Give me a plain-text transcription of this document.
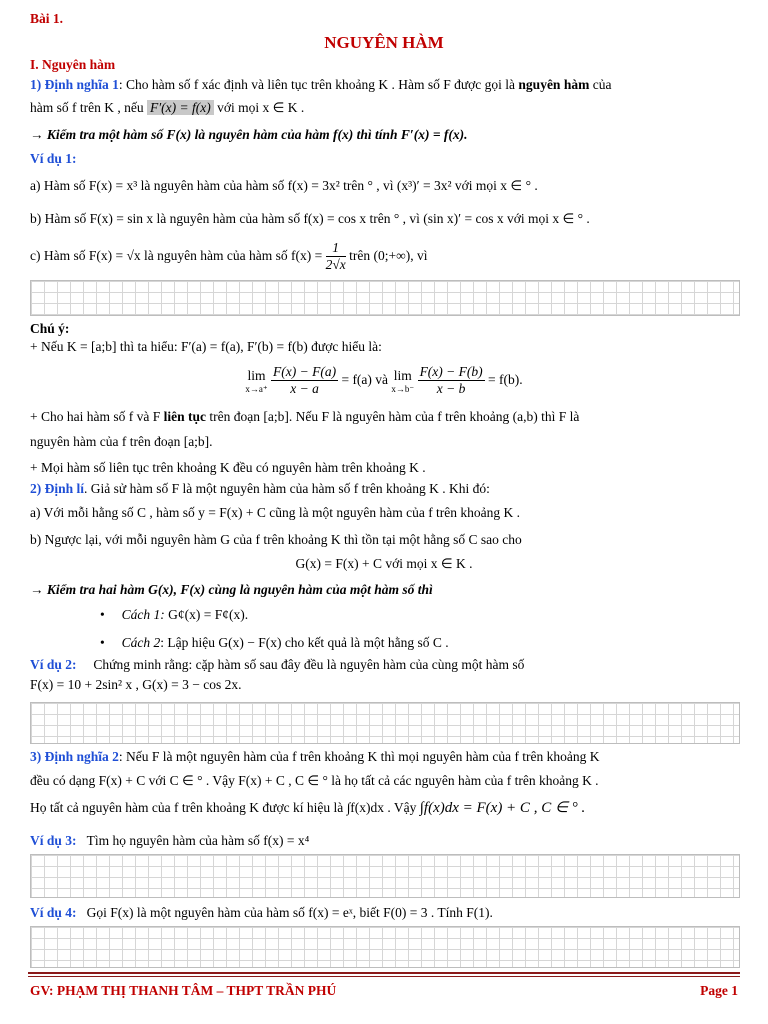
Bài 1.
NGUYÊN HÀM
I. Nguyên hàm
1) Định nghĩa 1: Cho hàm số f xác định và liên tục trên khoảng K . Hàm số F được gọi là nguyên hàm của
hàm số f trên K , nếu F′(x) = f(x) với mọi x ∈ K .
→ Kiểm tra một hàm số F(x) là nguyên hàm của hàm f(x) thì tính F′(x) = f(x).
Ví dụ 1:
a) Hàm số F(x) = x³ là nguyên hàm của hàm số f(x) = 3x² trên ° , vì (x³)′ = 3x² với mọi x ∈ ° .
b) Hàm số F(x) = sin x là nguyên hàm của hàm số f(x) = cos x trên ° , vì (sin x)′ = cos x với mọi x ∈ ° .
c) Hàm số F(x) = √x là nguyên hàm của hàm số $f(x) = \frac{1}{2√x}$ trên (0;+∞), vì
Chú ý:
+ Nếu K = [a;b] thì ta hiểu: F′(a) = f(a), F′(b) = f(b) được hiểu là:
lim
x→a⁺
$\frac{F(x) - F(a)}{x - a} = f(a)$ và lim
x→b⁻
$\frac{F(x) - F(b)}{x - b} = f(b)$.
+ Cho hai hàm số f và F liên tục trên đoạn [a;b]. Nếu F là nguyên hàm của f trên khoảng (a,b) thì F là
nguyên hàm của f trên đoạn [a;b].
+ Mọi hàm số liên tục trên khoảng K đều có nguyên hàm trên khoảng K .
2) Định lí. Giả sử hàm số F là một nguyên hàm của hàm số f trên khoảng K . Khi đó:
a) Với mỗi hằng số C , hàm số y = F(x) + C cũng là một nguyên hàm của f trên khoảng K .
b) Ngược lại, với mỗi nguyên hàm G của f trên khoảng K thì tồn tại một hằng số C sao cho
G(x) = F(x) + C với mọi x ∈ K .
→ Kiểm tra hai hàm G(x), F(x) cùng là nguyên hàm của một hàm số thì
• Cách 1: G¢(x) = F¢(x).
• Cách 2: Lập hiệu G(x) − F(x) cho kết quả là một hằng số C .
Ví dụ 2: Chứng minh rằng: cặp hàm số sau đây đều là nguyên hàm của cùng một hàm số
F(x) = 10 + 2sin² x , G(x) = 3 − cos 2x.
3) Định nghĩa 2: Nếu F là một nguyên hàm của f trên khoảng K thì mọi nguyên hàm của f trên khoảng K
đều có dạng F(x) + C với C ∈ ° . Vậy F(x) + C , C ∈ ° là họ tất cả các nguyên hàm của f trên khoảng K .
Họ tất cả nguyên hàm của f trên khoảng K được kí hiệu là ∫f(x)dx . Vậy ∫f(x)dx = F(x) + C , C ∈ ° .
Ví dụ 3: Tìm họ nguyên hàm của hàm số f(x) = x⁴
Ví dụ 4: Gọi F(x) là một nguyên hàm của hàm số f(x) = eˣ, biết F(0) = 3 . Tính F(1).
GV: PHẠM THỊ THANH TÂM – THPT TRẦN PHÚ	Page 1
